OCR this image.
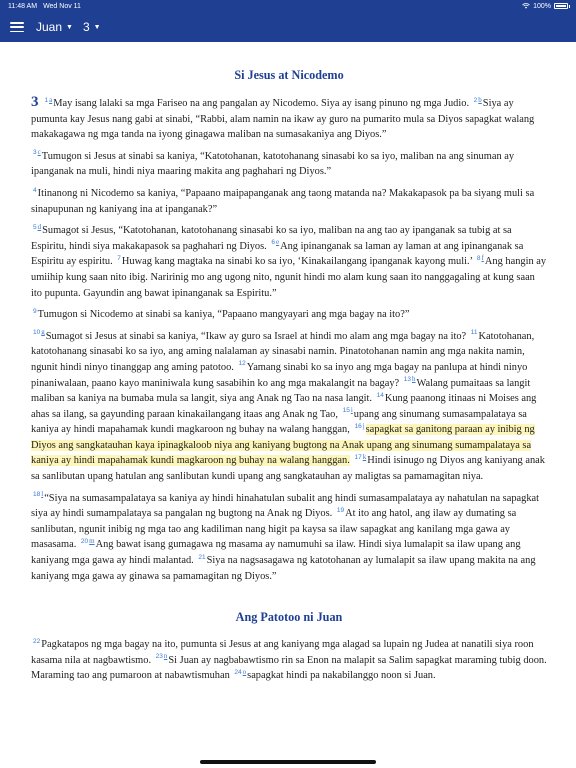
11:48 AM Wed Nov 11	100%
Juan ▼ 3 ▼
Si Jesus at Nicodemo

3 $^{1a}$May isang lalaki sa mga Fariseo na ang pangalan ay Nicodemo. Siya ay isang pinuno ng mga Judio. $^{2b}$Siya ay pumunta kay Jesus nang gabi at sinabi, “Rabbi, alam namin na ikaw ay guro na pumarito mula sa Diyos sapagkat walang makakagawa ng mga tanda na iyong ginagawa maliban na sumasakaniya ang Diyos.”

$^{3c}$Tumugon si Jesus at sinabi sa kaniya, “Katotohanan, katotohanang sinasabi ko sa iyo, maliban na ang sinuman ay ipanganak na muli, hindi niya maaring makita ang paghahari ng Diyos.”

$^4$Itinanong ni Nicodemo sa kaniya, “Papaano maipapanganak ang taong matanda na? Makakapasok pa ba siyang muli sa sinapupunan ng kaniyang ina at ipanganak?”

$^{5d}$Sumagot si Jesus, “Katotohanan, katotohanang sinasabi ko sa iyo, maliban na ang tao ay ipanganak sa tubig at sa Espiritu, hindi siya makakapasok sa paghahari ng Diyos. $^{6e}$Ang ipinanganak sa laman ay laman at ang ipinanganak sa Espiritu ay espiritu. $^7$Huwag kang magtaka na sinabi ko sa iyo, ‘Kinakailangang ipanganak kayong muli.’ $^{8f}$Ang hangin ay umiihip kung saan nito ibig. Naririnig mo ang ugong nito, ngunit hindi mo alam kung saan ito nanggagaling at kung saan ito pupunta. Gayundin ang bawat ipinanganak sa Espiritu.”

$^9$Tumugon si Nicodemo at sinabi sa kaniya, “Papaano mangyayari ang mga bagay na ito?”

$^{10g}$Sumagot si Jesus at sinabi sa kaniya, “Ikaw ay guro sa Israel at hindi mo alam ang mga bagay na ito? $^{11}$Katotohanan, katotohanang sinasabi ko sa iyo, ang aming nalalaman ay sinasabi namin. Pinatotohanan namin ang mga nakita namin, ngunit hindi ninyo tinanggap ang aming patotoo. $^{12}$Yamang sinabi ko sa inyo ang mga bagay na panlupa at hindi ninyo pinaniwalaan, paano kayo maniniwala kung sasabihin ko ang mga makalangit na bagay? $^{13h}$Walang pumaitaas sa langit maliban sa kaniya na bumaba mula sa langit, siya ang Anak ng Tao na nasa langit. $^{14}$Kung paanong itinaas ni Moises ang ahas sa ilang, sa gayunding paraan kinakailangang itaas ang Anak ng Tao, $^{15i}$upang ang sinumang sumasampalataya sa kaniya ay hindi mapahamak kundi magkaroon ng buhay na walang hanggan, $^{16j}$sapagkat sa ganitong paraan ay inibig ng Diyos ang sangkatauhan kaya ipinagkaloob niya ang kaniyang bugtong na Anak upang ang sinumang sumampalataya sa kaniya ay hindi mapahamak kundi magkaroon ng buhay na walang hanggan. $^{17k}$Hindi isinugo ng Diyos ang kaniyang anak sa sanlibutan upang hatulan ang sanlibutan kundi upang ang sangkatauhan ay maligtas sa pamamagitan niya.

$^{18l}$“Siya na sumasampalataya sa kaniya ay hindi hinahatulan subalit ang hindi sumasampalataya ay nahatulan na sapagkat siya ay hindi sumampalataya sa pangalan ng bugtong na Anak ng Diyos. $^{19}$At ito ang hatol, ang ilaw ay dumating sa sanlibutan, ngunit inibig ng mga tao ang kadiliman nang higit pa kaysa sa ilaw sapagkat ang kanilang mga gawa ay masasama. $^{20m}$Ang bawat isang gumagawa ng masama ay namumuhi sa ilaw. Hindi siya lumalapit sa ilaw upang ang kaniyang mga gawa ay hindi malantad. $^{21}$Siya na nagsasagawa ng katotohanan ay lumalapit sa ilaw upang makita na ang kaniyang mga gawa ay ginawa sa pamamagitan ng Diyos.”

Ang Patotoo ni Juan

$^{22}$Pagkatapos ng mga bagay na ito, pumunta si Jesus at ang kaniyang mga alagad sa lupain ng Judea at nanatili siya roon kasama nila at nagbawtismo. $^{23n}$Si Juan ay nagbabawtismo rin sa Enon na malapit sa Salim sapagkat maraming tubig doon. Maraming tao ang pumaroon at nabawtismuhan $^{24o}$sapagkat hindi pa nakabilanggo noon si Juan.
